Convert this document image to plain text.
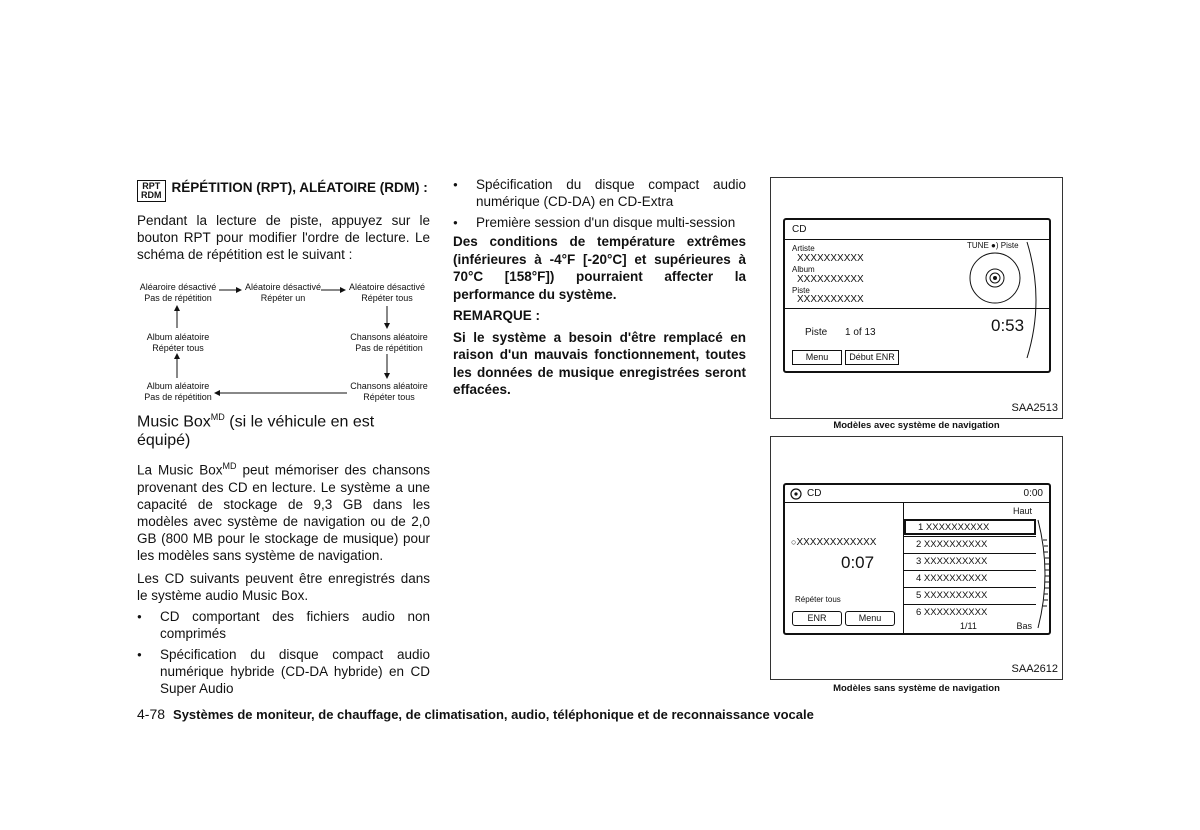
RPT
RDM RÉPÉTITION (RPT), ALÉATOIRE (RDM) :

Pendant la lecture de piste, appuyez sur le bouton RPT pour modifier l'ordre de lecture. Le schéma de répétition est le suivant :

Aléaroire désactivé
Pas de répétition
Aléatoire désactivé
Répéter un
Aléatoire désactivé
Répéter tous
Album aléatoire
Répéter tous
Chansons aléatoire
Pas de répétition
Album aléatoire
Pas de répétition
Chansons aléatoire
Répéter tous

Music Box$^{MD}$ (si le véhicule en est équipé)

La Music Box$^{MD}$ peut mémoriser des chansons provenant des CD en lecture. Le système a une capacité de stockage de 9,3 GB dans les modèles avec système de navigation ou de 2,0 GB (800 MB pour le stockage de musique) pour les modèles sans système de navigation.

Les CD suivants peuvent être enregistrés dans le système audio Music Box.

● CD comportant des fichiers audio non comprimés
● Spécification du disque compact audio numérique hybride (CD-DA hybride) en CD Super Audio
● Spécification du disque compact audio numérique (CD-DA) en CD-Extra
● Première session d'un disque multi-session

Des conditions de température extrêmes (inférieures à -4°F [-20°C] et supérieures à 70°C [158°F]) pourraient affecter la performance du système.

REMARQUE :

Si le système a besoin d'être remplacé en raison d'un mauvais fonctionnement, toutes les données de musique enregistrées seront effacées.

CD
Artiste
XXXXXXXXXX
Album
XXXXXXXXXX
Piste
XXXXXXXXXX
TUNE ●) Piste
Piste 1 of 13	0:53
Menu	Début ENR
SAA2513
Modèles avec système de navigation
CD	0:00
Haut
1 XXXXXXXXXX
2 XXXXXXXXXX
3 XXXXXXXXXX
4 XXXXXXXXXX
5 XXXXXXXXXX
6 XXXXXXXXXX
1/11	Bas
○XXXXXXXXXXXX
0:07
Répéter tous
ENR	Menu
SAA2612
Modèles sans système de navigation
4-78 Systèmes de moniteur, de chauffage, de climatisation, audio, téléphonique et de reconnaissance vocale
